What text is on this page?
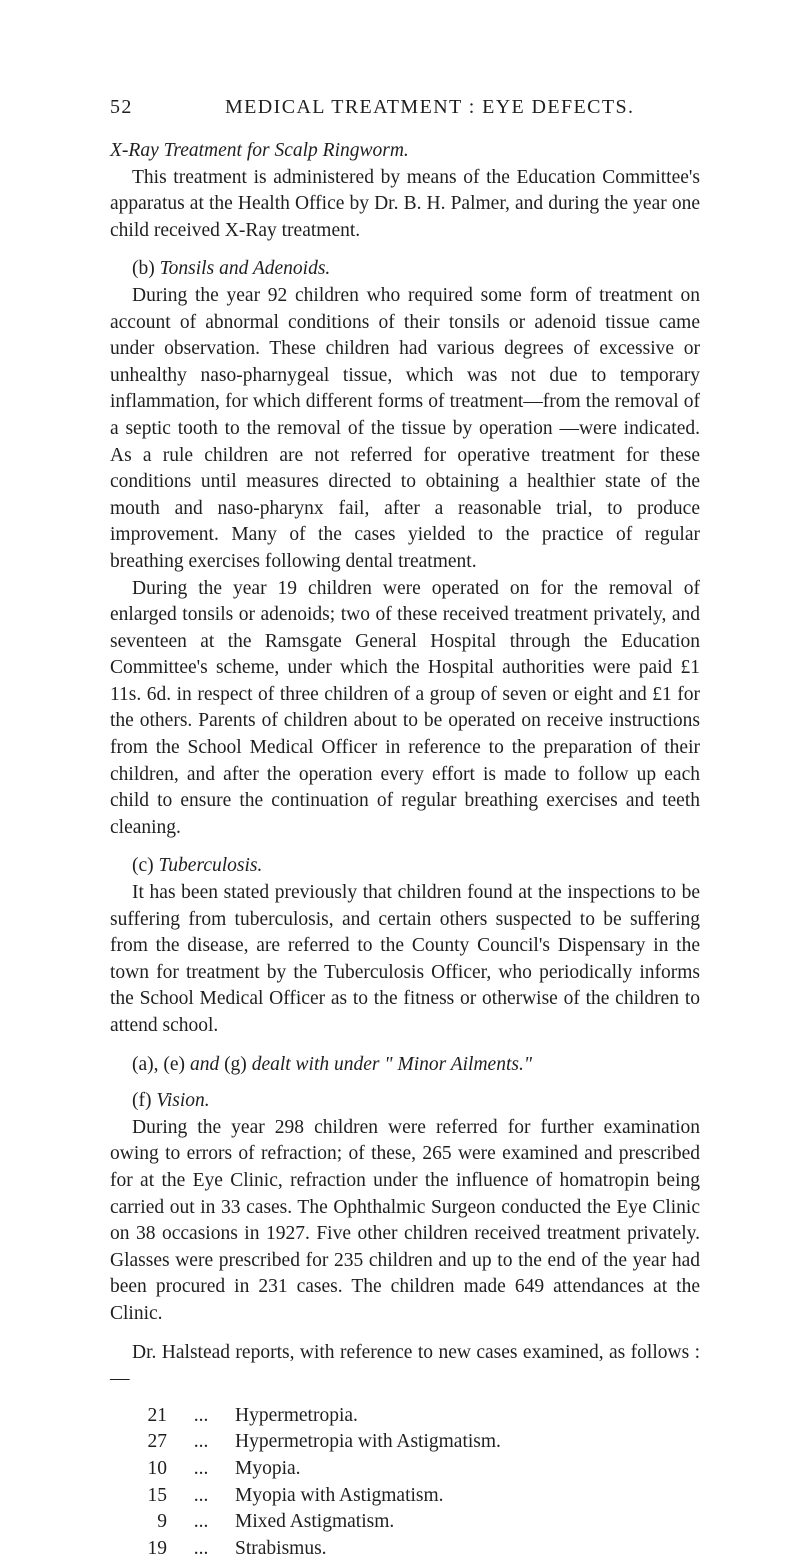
52	MEDICAL TREATMENT : EYE DEFECTS.

X-Ray Treatment for Scalp Ringworm.

This treatment is administered by means of the Education Committee's apparatus at the Health Office by Dr. B. H. Palmer, and during the year one child received X-Ray treatment.

(b) Tonsils and Adenoids.

During the year 92 children who required some form of treatment on account of abnormal conditions of their tonsils or adenoid tissue came under observation. These children had various degrees of excessive or unhealthy naso-pharnygeal tissue, which was not due to temporary inflammation, for which different forms of treatment—from the removal of a septic tooth to the removal of the tissue by operation —were indicated. As a rule children are not referred for operative treatment for these conditions until measures directed to obtaining a healthier state of the mouth and naso-pharynx fail, after a reasonable trial, to produce improvement. Many of the cases yielded to the practice of regular breathing exercises following dental treatment.

During the year 19 children were operated on for the removal of enlarged tonsils or adenoids; two of these received treatment privately, and seventeen at the Ramsgate General Hospital through the Education Committee's scheme, under which the Hospital authorities were paid £1 11s. 6d. in respect of three children of a group of seven or eight and £1 for the others. Parents of children about to be operated on receive instructions from the School Medical Officer in reference to the preparation of their children, and after the operation every effort is made to follow up each child to ensure the continuation of regular breathing exercises and teeth cleaning.

(c) Tuberculosis.

It has been stated previously that children found at the inspections to be suffering from tuberculosis, and certain others suspected to be suffering from the disease, are referred to the County Council's Dispensary in the town for treatment by the Tuberculosis Officer, who periodically informs the School Medical Officer as to the fitness or otherwise of the children to attend school.

(a), (e) and (g) dealt with under " Minor Ailments."

(f) Vision.

During the year 298 children were referred for further examination owing to errors of refraction; of these, 265 were examined and prescribed for at the Eye Clinic, refraction under the influence of homatropin being carried out in 33 cases. The Ophthalmic Surgeon conducted the Eye Clinic on 38 occasions in 1927. Five other children received treatment privately. Glasses were prescribed for 235 children and up to the end of the year had been procured in 231 cases. The children made 649 attendances at the Clinic.

Dr. Halstead reports, with reference to new cases examined, as follows :—

21	...	Hypermetropia.
27	...	Hypermetropia with Astigmatism.
10	...	Myopia.
15	...	Myopia with Astigmatism.
9	...	Mixed Astigmatism.
19	...	Strabismus.
